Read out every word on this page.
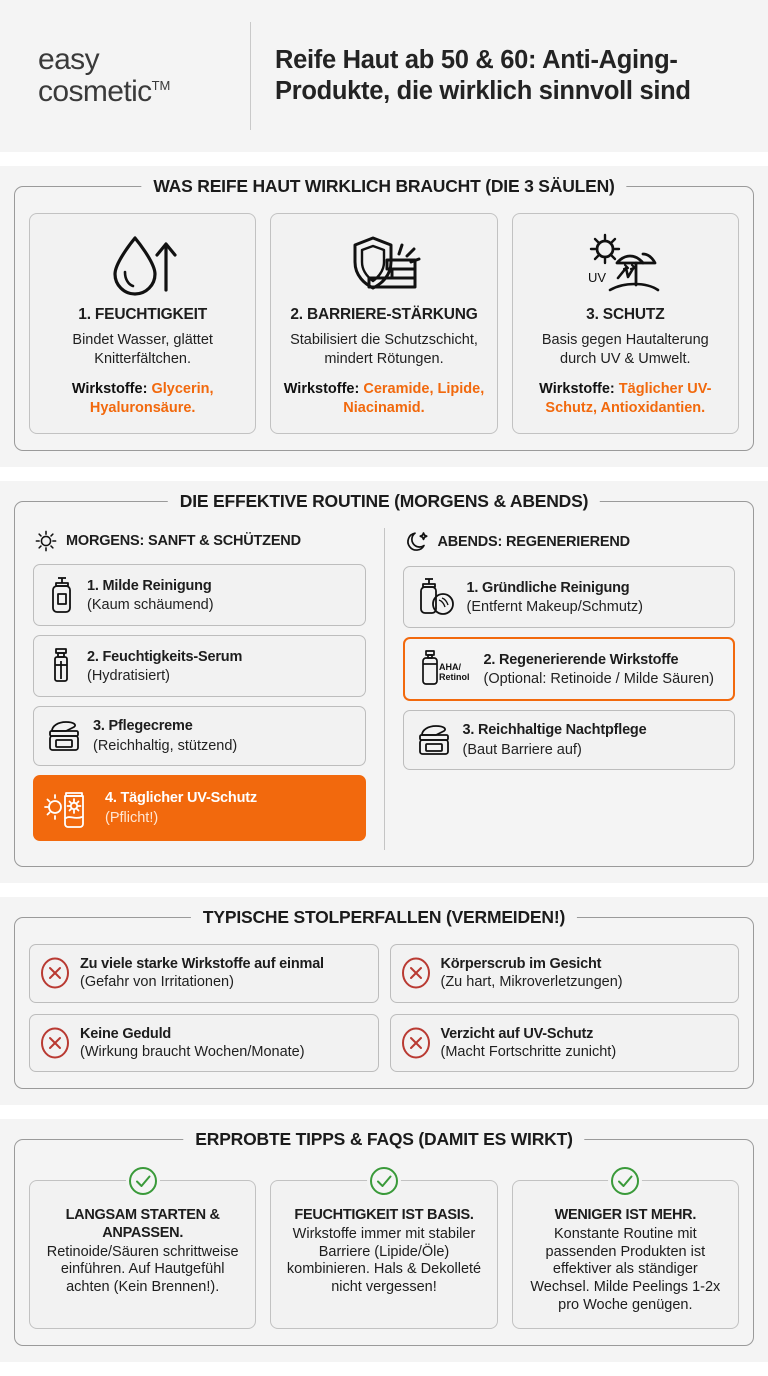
easy
cosmetic™
Reife Haut ab 50 & 60: Anti-Aging-Produkte, die wirklich sinnvoll sind
WAS REIFE HAUT WIRKLICH BRAUCHT (DIE 3 SÄULEN)
1. FEUCHTIGKEIT
Bindet Wasser, glättet Knitterfältchen.
Wirkstoffe: Glycerin, Hyaluronsäure.
2. BARRIERE-STÄRKUNG
Stabilisiert die Schutzschicht, mindert Rötungen.
Wirkstoffe: Ceramide, Lipide, Niacinamid.
UV
3. SCHUTZ
Basis gegen Hautalterung durch UV & Umwelt.
Wirkstoffe: Täglicher UV-Schutz, Antioxidantien.
DIE EFFEKTIVE ROUTINE (MORGENS & ABENDS)
MORGENS: SANFT & SCHÜTZEND
1. Milde Reinigung
(Kaum schäumend)
2. Feuchtigkeits-Serum
(Hydratisiert)
3. Pflegecreme
(Reichhaltig, stützend)
4. Täglicher UV-Schutz
(Pflicht!)
ABENDS: REGENERIEREND
1. Gründliche Reinigung
(Entfernt Makeup/Schmutz)
AHA/
Retinol
2. Regenerierende Wirkstoffe
(Optional: Retinoide / Milde Säuren)
3. Reichhaltige Nachtpflege
(Baut Barriere auf)
TYPISCHE STOLPERFALLEN (VERMEIDEN!)
Zu viele starke Wirkstoffe auf einmal
(Gefahr von Irritationen)
Körperscrub im Gesicht
(Zu hart, Mikroverletzungen)
Keine Geduld
(Wirkung braucht Wochen/Monate)
Verzicht auf UV-Schutz
(Macht Fortschritte zunicht)
ERPROBTE TIPPS & FAQS (DAMIT ES WIRKT)
LANGSAM STARTEN & ANPASSEN.
Retinoide/Säuren schrittweise einführen. Auf Hautgefühl achten (Kein Brennen!).
FEUCHTIGKEIT IST BASIS.
Wirkstoffe immer mit stabiler Barriere (Lipide/Öle) kombinieren. Hals & Dekolleté nicht vergessen!
WENIGER IST MEHR.
Konstante Routine mit passenden Produkten ist effektiver als ständiger Wechsel. Milde Peelings 1-2x pro Woche genügen.
